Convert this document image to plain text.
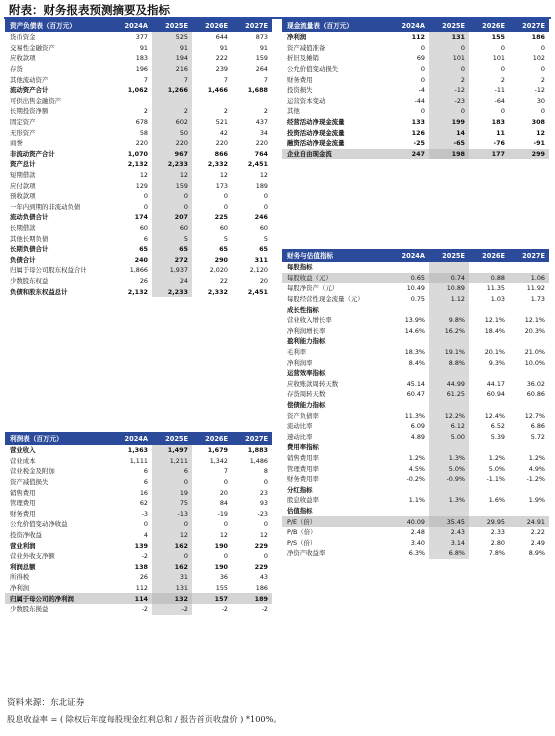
附表：财务报表预测摘要及指标
资产负债表（百万元）	2024A	2025E	2026E	2027E
货币资金	377	525	644	873
交易性金融资产	91	91	91	91
应收款项	183	194	222	159
存货	196	216	239	264
其他流动资产	7	7	7	7
流动资产合计	1,062	1,266	1,466	1,688
可供出售金融资产				
长期投资净额	2	2	2	2
固定资产	678	602	521	437
无形资产	58	50	42	34
商誉	220	220	220	220
非流动资产合计	1,070	967	866	764
资产总计	2,132	2,233	2,332	2,451
短期借款	12	12	12	12
应付款项	129	159	173	189
预收款项	0	0	0	0
一年内到期的非流动负债	0	0	0	0
流动负债合计	174	207	225	246
长期借款	60	60	60	60
其他长期负债	6	5	5	5
长期负债合计	65	65	65	65
负债合计	240	272	290	311
归属于母公司股东权益合计	1,866	1,937	2,020	2,120
少数股东权益	26	24	22	20
负债和股东权益总计	2,132	2,233	2,332	2,451
现金流量表（百万元）	2024A	2025E	2026E	2027E
净利润	112	131	155	186
资产减值准备	0	0	0	0
折旧及摊销	69	101	101	102
公允价值变动损失	0	0	0	0
财务费用	0	2	2	2
投资损失	-4	-12	-11	-12
运营资本变动	-44	-23	-64	30
其他	0	0	0	0
经营活动净现金流量	133	199	183	308
投资活动净现金流量	126	14	11	12
融资活动净现金流量	-25	-65	-76	-91
企业自由现金流	247	198	177	299
财务与估值指标	2024A	2025E	2026E	2027E
每股指标				
每股收益（元）	0.65	0.74	0.88	1.06
每股净资产（元）	10.49	10.89	11.35	11.92
每股经营性现金流量（元）	0.75	1.12	1.03	1.73
成长性指标				
营业收入增长率	13.9%	9.8%	12.1%	12.1%
净利润增长率	14.6%	16.2%	18.4%	20.3%
盈利能力指标				
毛利率	18.3%	19.1%	20.1%	21.0%
净利润率	8.4%	8.8%	9.3%	10.0%
运营效率指标				
应收账款周转天数	45.14	44.99	44.17	36.02
存货周转天数	60.47	61.25	60.94	60.86
偿债能力指标				
资产负债率	11.3%	12.2%	12.4%	12.7%
流动比率	6.09	6.12	6.52	6.86
速动比率	4.89	5.00	5.39	5.72
费用率指标				
销售费用率	1.2%	1.3%	1.2%	1.2%
管理费用率	4.5%	5.0%	5.0%	4.9%
财务费用率	-0.2%	-0.9%	-1.1%	-1.2%
分红指标				
股息收益率	1.1%	1.3%	1.6%	1.9%
估值指标				
P/E（倍）	40.09	35.45	29.95	24.91
P/B（倍）	2.48	2.43	2.33	2.22
P/S（倍）	3.40	3.14	2.80	2.49
净资产收益率	6.3%	6.8%	7.8%	8.9%
利润表（百万元）	2024A	2025E	2026E	2027E
营业收入	1,363	1,497	1,679	1,883
营业成本	1,111	1,211	1,342	1,486
营业税金及附加	6	6	7	8
资产减值损失	6	0	0	0
销售费用	16	19	20	23
管理费用	62	75	84	93
财务费用	-3	-13	-19	-23
公允价值变动净收益	0	0	0	0
投资净收益	4	12	12	12
营业利润	139	162	190	229
营业外收支净额	-2	0	0	0
利润总额	138	162	190	229
所得税	26	31	36	43
净利润	112	131	155	186
归属于母公司的净利润	114	132	157	189
少数股东损益	-2	-2	-2	-2
资料来源：东北证券
股息收益率 = ( 除权后年度每股现金红利总和 / 报告首页收盘价 ) *100%。
